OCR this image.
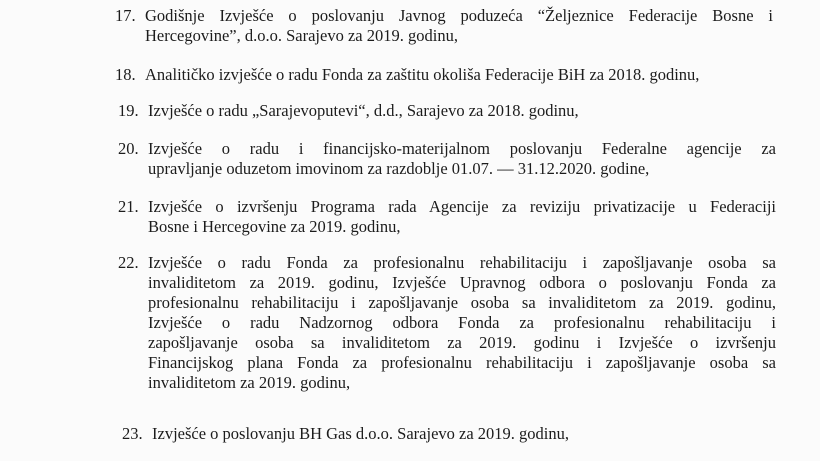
17. Godišnje Izvješće o poslovanju Javnog poduzeća “Željeznice Federacije Bosne i
Hercegovine”, d.o.o. Sarajevo za 2019. godinu,
18. Analitičko izvješće o radu Fonda za zaštitu okoliša Federacije BiH za 2018. godinu,
19. Izvješće o radu „Sarajevoputevi“, d.d., Sarajevo za 2018. godinu,
20. Izvješće o radu i financijsko-materijalnom poslovanju Federalne agencije za
upravljanje oduzetom imovinom za razdoblje 01.07. — 31.12.2020. godine,
21. Izvješće o izvršenju Programa rada Agencije za reviziju privatizacije u Federaciji
Bosne i Hercegovine za 2019. godinu,
22. Izvješće o radu Fonda za profesionalnu rehabilitaciju i zapošljavanje osoba sa
invaliditetom za 2019. godinu, Izvješće Upravnog odbora o poslovanju Fonda za
profesionalnu rehabilitaciju i zapošljavanje osoba sa invaliditetom za 2019. godinu,
Izvješće o radu Nadzornog odbora Fonda za profesionalnu rehabilitaciju i
zapošljavanje osoba sa invaliditetom za 2019. godinu i Izvješće o izvršenju
Financijskog plana Fonda za profesionalnu rehabilitaciju i zapošljavanje osoba sa
invaliditetom za 2019. godinu,
23. Izvješće o poslovanju BH Gas d.o.o. Sarajevo za 2019. godinu,
